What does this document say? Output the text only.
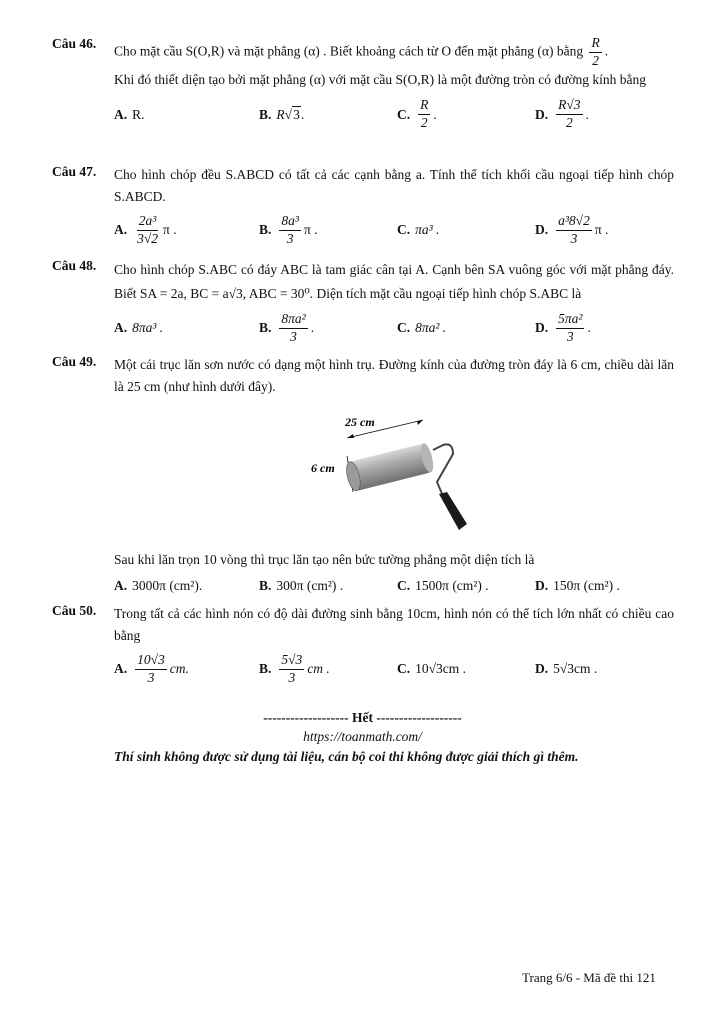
Câu 46. Cho mặt cầu S(O,R) và mặt phẳng (α) . Biết khoảng cách từ O đến mặt phẳng (α) bằng $\frac{R}{2}$ .
Khi đó thiết diện tạo bởi mặt phẳng (α) với mặt cầu S(O,R) là một đường tròn có đường kính bằng
A. R.	B. R √3 .	C. $\frac{R}{2}$ .	D. $\frac{R√3}{2}$ .
Câu 47. Cho hình chóp đều S.ABCD có tất cả các cạnh bằng a. Tính thể tích khối cầu ngoại tiếp hình chóp S.ABCD.
A. $\frac{\text{2a³}}{3√2}$ π .	B. $\frac{\text{8a³}}{3}$ π .	C. πa³ .	D. $\frac{\text{a³8√2}}{3}$ π .
Câu 48. Cho hình chóp S.ABC có đáy ABC là tam giác cân tại A. Cạnh bên SA vuông góc với mặt phẳng đáy. Biết SA = 2a, BC = a√3, ABC = 30⁰. Diện tích mặt cầu ngoại tiếp hình chóp S.ABC là
A. 8πa³ .	B. $\frac{\text{8πa²}}{3}$ .	C. 8πa² .	D. $\frac{\text{5πa²}}{3}$ .
Câu 49. Một cái trục lăn sơn nước có dạng một hình trụ. Đường kính của đường tròn đáy là 6 cm, chiều dài lăn là 25 cm (như hình dưới đây).
25 cm
6 cm
Sau khi lăn trọn 10 vòng thì trục lăn tạo nên bức tường phẳng một diện tích là
A. 3000π (cm²).	B. 300π (cm²) .	C. 1500π (cm²) .	D. 150π (cm²) .
Câu 50. Trong tất cả các hình nón có độ dài đường sinh bằng 10cm, hình nón có thể tích lớn nhất có chiều cao bằng
A. $\frac{10√3}{3}$ cm.	B. $\frac{5√3}{3}$ cm .	C. 10√3cm .	D. 5√3cm .
------------------- Hết -------------------
https://toanmath.com/
Thí sinh không được sử dụng tài liệu, cán bộ coi thi không được giải thích gì thêm.
Trang 6/6 - Mã đề thi 121
